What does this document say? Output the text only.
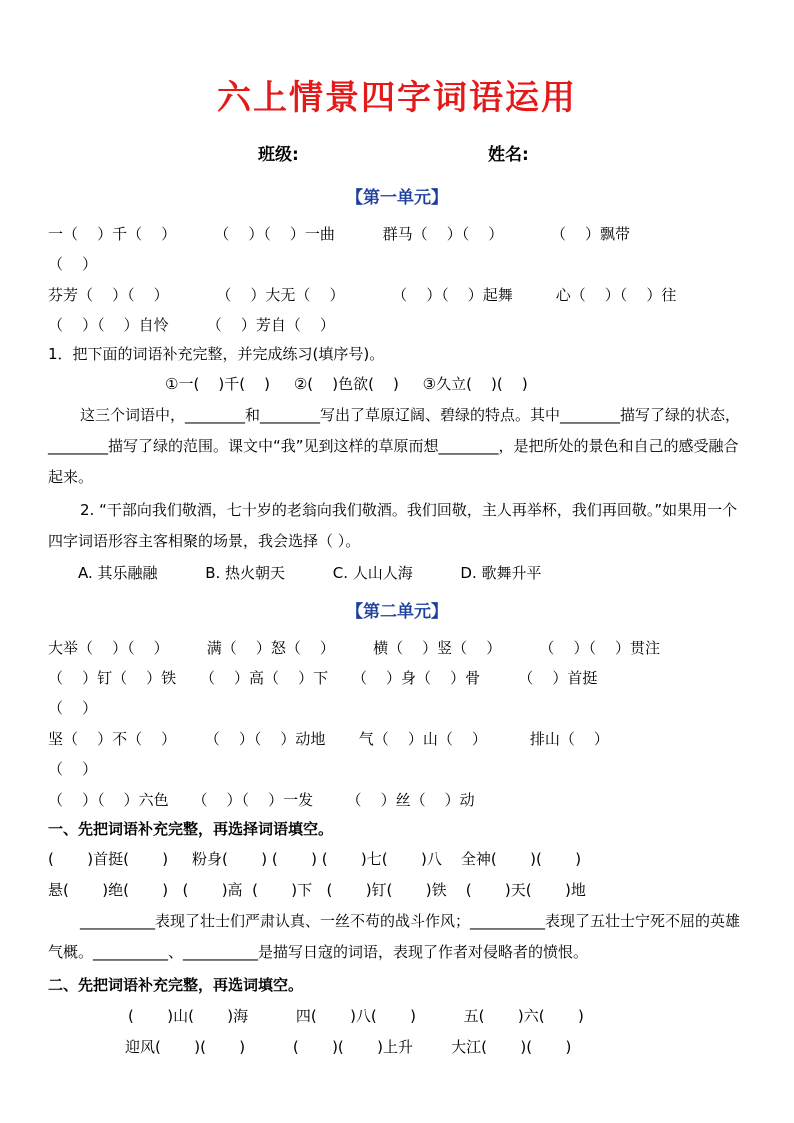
六上情景四字词语运用
班级:	姓名:
【第一单元】
一（    ）千（    ）        （    ）（    ）一曲          群马（    ）（    ）          （    ）飘带
（    ）
芬芳（    ）（    ）          （    ）大无（    ）          （    ）（    ）起舞         心（    ）（    ）往
（    ）（    ）自怜        （    ）芳自（    ）
1．把下面的词语补充完整，并完成练习(填序号)。
①一(    )千(    )     ②(    )色欲(    )     ③久立(    )(    )
这三个词语中，________和________写出了草原辽阔、碧绿的特点。其中________描写了绿的状态，________描写了绿的范围。课文中“我”见到这样的草原而想________，是把所处的景色和自己的感受融合起来。
2. “干部向我们敬酒，七十岁的老翁向我们敬酒。我们回敬，主人再举杯，我们再回敬。”如果用一个四字词语形容主客相聚的场景，我会选择（ ）。
A. 其乐融融          B. 热火朝天          C. 人山人海          D. 歌舞升平
【第二单元】
大举（    ）（    ）        满（    ）怒（    ）        横（    ）竖（    ）        （    ）（    ）贯注
（    ）钉（    ）铁     （    ）高（    ）下     （    ）身（    ）骨        （    ）首挺
（    ）
坚（    ）不（    ）      （    ）（    ）动地       气（    ）山（    ）         排山（    ）
（    ）
（    ）（    ）六色     （    ）（    ）一发       （    ）丝（    ）动
一、先把词语补充完整，再选择词语填空。
(       )首挺(       )     粉身(       ) (       ) (       )七(       )八    全神(       )(       )
悬(       )绝(       )   (       )高  (       )下   (       )钉(       )铁    (       )天(       )地
__________表现了壮士们严肃认真、一丝不苟的战斗作风；__________表现了五壮士宁死不屈的英雄气概。__________、__________是描写日寇的词语，表现了作者对侵略者的愤恨。
二、先把词语补充完整，再选词填空。
(       )山(       )海          四(       )八(       )          五(       )六(       )
迎风(       )(       )          (       )(       )上升        大江(       )(       )
